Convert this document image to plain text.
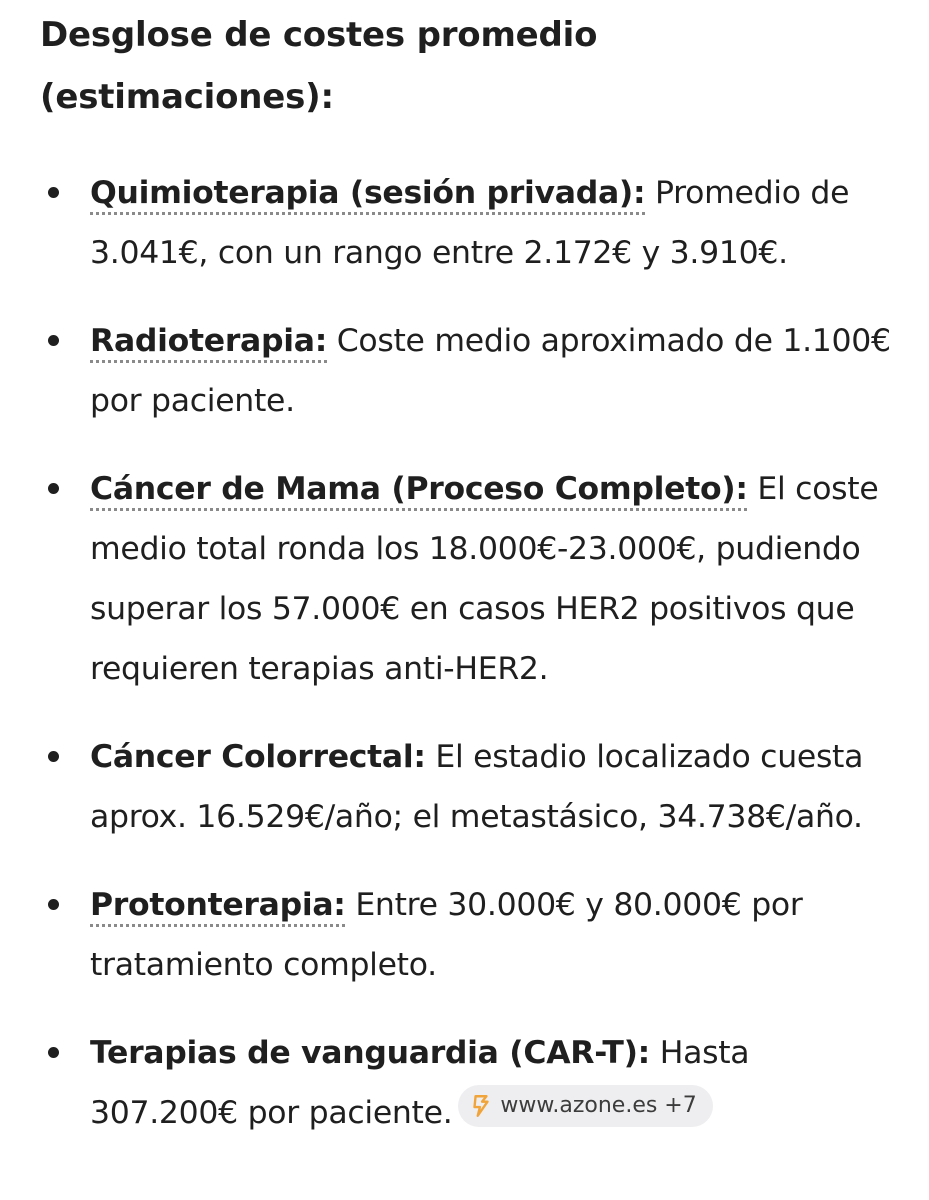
Desglose de costes promedio
(estimaciones):
Quimioterapia (sesión privada): Promedio de 3.041€, con un rango entre 2.172€ y 3.910€.
Radioterapia: Coste medio aproximado de 1.100€ por paciente.
Cáncer de Mama (Proceso Completo): El coste medio total ronda los 18.000€-23.000€, pudiendo superar los 57.000€ en casos HER2 positivos que requieren terapias anti-HER2.
Cáncer Colorrectal: El estadio localizado cuesta aprox. 16.529€/año; el metastásico, 34.738€/año.
Protonterapia: Entre 30.000€ y 80.000€ por tratamiento completo.
Terapias de vanguardia (CAR-T): Hasta 307.200€ por paciente. www.azone.es +7
